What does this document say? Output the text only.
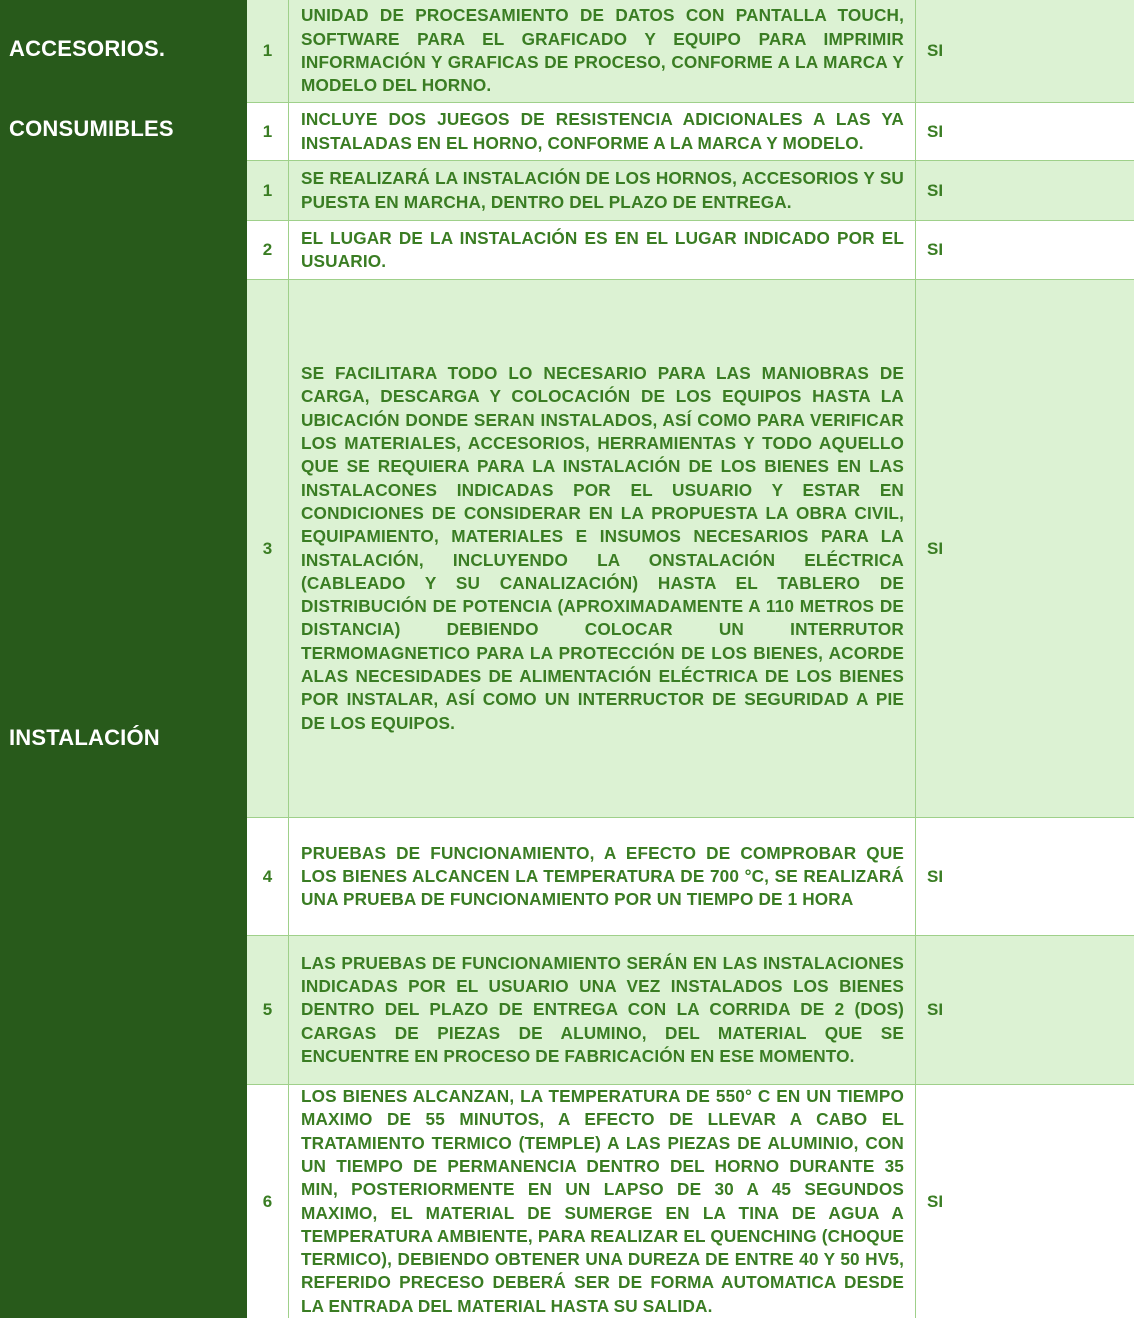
ACCESORIOS.
CONSUMIBLES
INSTALACIÓN
1
UNIDAD DE PROCESAMIENTO DE DATOS CON PANTALLA TOUCH, SOFTWARE PARA EL GRAFICADO Y EQUIPO PARA IMPRIMIR INFORMACIÓN Y GRAFICAS DE PROCESO, CONFORME A LA MARCA Y MODELO DEL HORNO.
SI
1
INCLUYE DOS JUEGOS DE RESISTENCIA ADICIONALES A LAS YA INSTALADAS EN EL HORNO, CONFORME A LA MARCA Y MODELO.
SI
1
SE REALIZARÁ LA INSTALACIÓN DE LOS HORNOS, ACCESORIOS Y SU PUESTA EN MARCHA, DENTRO DEL PLAZO DE ENTREGA.
SI
2
EL LUGAR DE LA INSTALACIÓN ES EN EL LUGAR INDICADO POR EL USUARIO.
SI
3
SE FACILITARA TODO LO NECESARIO PARA LAS MANIOBRAS DE CARGA, DESCARGA Y COLOCACIÓN DE LOS EQUIPOS HASTA LA UBICACIÓN DONDE SERAN INSTALADOS, ASÍ COMO PARA VERIFICAR LOS MATERIALES, ACCESORIOS, HERRAMIENTAS Y TODO AQUELLO QUE SE REQUIERA PARA LA INSTALACIÓN DE LOS BIENES EN LAS INSTALACONES INDICADAS POR EL USUARIO Y ESTAR EN CONDICIONES DE CONSIDERAR EN LA PROPUESTA LA OBRA CIVIL, EQUIPAMIENTO, MATERIALES E INSUMOS NECESARIOS PARA LA INSTALACIÓN, INCLUYENDO LA ONSTALACIÓN ELÉCTRICA (CABLEADO Y SU CANALIZACIÓN) HASTA EL TABLERO DE DISTRIBUCIÓN DE POTENCIA (APROXIMADAMENTE A 110 METROS DE DISTANCIA) DEBIENDO COLOCAR UN INTERRUTOR TERMOMAGNETICO PARA LA PROTECCIÓN DE LOS BIENES, ACORDE ALAS NECESIDADES DE ALIMENTACIÓN ELÉCTRICA DE LOS BIENES POR INSTALAR, ASÍ COMO UN INTERRUCTOR DE SEGURIDAD A PIE DE LOS EQUIPOS.
SI
4
PRUEBAS DE FUNCIONAMIENTO, A EFECTO DE COMPROBAR QUE LOS BIENES ALCANCEN LA TEMPERATURA DE 700 °C, SE REALIZARÁ UNA PRUEBA DE FUNCIONAMIENTO POR UN TIEMPO DE 1 HORA
SI
5
LAS PRUEBAS DE FUNCIONAMIENTO SERÁN EN LAS INSTALACIONES INDICADAS POR EL USUARIO UNA VEZ INSTALADOS LOS BIENES DENTRO DEL PLAZO DE ENTREGA CON LA CORRIDA DE 2 (DOS) CARGAS DE PIEZAS DE ALUMINO, DEL MATERIAL QUE SE ENCUENTRE EN PROCESO DE FABRICACIÓN EN ESE MOMENTO.
SI
6
LOS BIENES ALCANZAN, LA TEMPERATURA DE 550° C EN UN TIEMPO MAXIMO DE 55 MINUTOS, A EFECTO DE LLEVAR A CABO EL TRATAMIENTO TERMICO (TEMPLE) A LAS PIEZAS DE ALUMINIO, CON UN TIEMPO DE PERMANENCIA DENTRO DEL HORNO DURANTE 35 MIN, POSTERIORMENTE EN UN LAPSO DE 30 A 45 SEGUNDOS MAXIMO, EL MATERIAL DE SUMERGE EN LA TINA DE AGUA A TEMPERATURA AMBIENTE, PARA REALIZAR EL QUENCHING (CHOQUE TERMICO), DEBIENDO OBTENER UNA DUREZA DE ENTRE 40 Y 50 HV5, REFERIDO PRECESO DEBERÁ SER DE FORMA AUTOMATICA DESDE LA ENTRADA DEL MATERIAL HASTA SU SALIDA.
SI
